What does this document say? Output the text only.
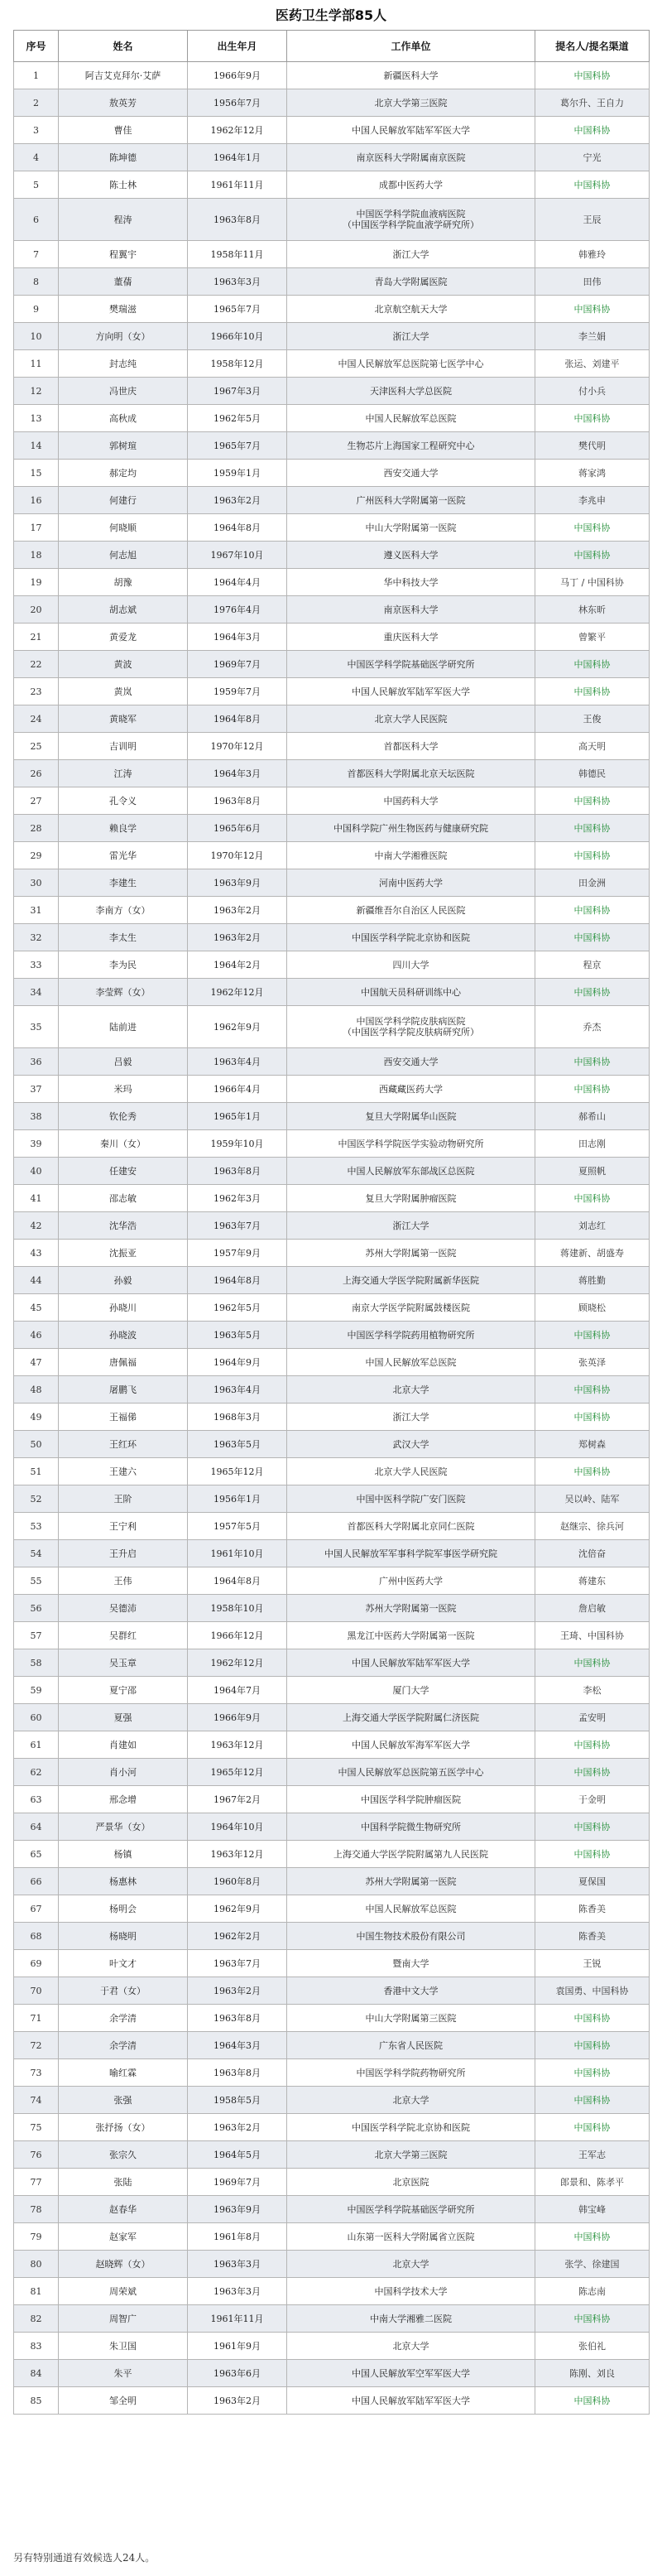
医药卫生学部85人
序号	姓名	出生年月	工作单位	提名人/提名渠道
1	阿吉艾克拜尔·艾萨	1966年9月	新疆医科大学	中国科协
2	敖英芳	1956年7月	北京大学第三医院	葛尔升、王自力
3	曹佳	1962年12月	中国人民解放军陆军军医大学	中国科协
4	陈坤德	1964年1月	南京医科大学附属南京医院	宁光
5	陈士林	1961年11月	成都中医药大学	中国科协
6	程涛	1963年8月	中国医学科学院血液病医院
（中国医学科学院血液学研究所）	王辰
7	程翼宇	1958年11月	浙江大学	韩雅玲
8	董蒨	1963年3月	青岛大学附属医院	田伟
9	樊瑞滋	1965年7月	北京航空航天大学	中国科协
10	方向明（女）	1966年10月	浙江大学	李兰娟
11	封志纯	1958年12月	中国人民解放军总医院第七医学中心	张运、刘建平
12	冯世庆	1967年3月	天津医科大学总医院	付小兵
13	高秋成	1962年5月	中国人民解放军总医院	中国科协
14	郭树瑄	1965年7月	生物芯片上海国家工程研究中心	樊代明
15	郝定均	1959年1月	西安交通大学	蒋家鸿
16	何建行	1963年2月	广州医科大学附属第一医院	李兆申
17	何晓顺	1964年8月	中山大学附属第一医院	中国科协
18	何志旭	1967年10月	遵义医科大学	中国科协
19	胡豫	1964年4月	华中科技大学	马丁 / 中国科协
20	胡志斌	1976年4月	南京医科大学	林东昕
21	黄爱龙	1964年3月	重庆医科大学	曾繁平
22	黄波	1969年7月	中国医学科学院基础医学研究所	中国科协
23	黄岚	1959年7月	中国人民解放军陆军军医大学	中国科协
24	黄晓军	1964年8月	北京大学人民医院	王俊
25	吉训明	1970年12月	首都医科大学	高天明
26	江涛	1964年3月	首都医科大学附属北京天坛医院	韩德民
27	孔令义	1963年8月	中国药科大学	中国科协
28	赖良学	1965年6月	中国科学院广州生物医药与健康研究院	中国科协
29	雷光华	1970年12月	中南大学湘雅医院	中国科协
30	李建生	1963年9月	河南中医药大学	田金洲
31	李南方（女）	1963年2月	新疆维吾尔自治区人民医院	中国科协
32	李太生	1963年2月	中国医学科学院北京协和医院	中国科协
33	李为民	1964年2月	四川大学	程京
34	李莹辉（女）	1962年12月	中国航天员科研训练中心	中国科协
35	陆前进	1962年9月	中国医学科学院皮肤病医院
（中国医学科学院皮肤病研究所）	乔杰
36	吕毅	1963年4月	西安交通大学	中国科协
37	米玛	1966年4月	西藏藏医药大学	中国科协
38	钦伦秀	1965年1月	复旦大学附属华山医院	郝希山
39	秦川（女）	1959年10月	中国医学科学院医学实验动物研究所	田志刚
40	任建安	1963年8月	中国人民解放军东部战区总医院	夏照帆
41	邵志敏	1962年3月	复旦大学附属肿瘤医院	中国科协
42	沈华浩	1963年7月	浙江大学	刘志红
43	沈振亚	1957年9月	苏州大学附属第一医院	蒋建新、胡盛寿
44	孙毅	1964年8月	上海交通大学医学院附属新华医院	蒋胜勤
45	孙晓川	1962年5月	南京大学医学院附属鼓楼医院	顾晓松
46	孙晓波	1963年5月	中国医学科学院药用植物研究所	中国科协
47	唐佩福	1964年9月	中国人民解放军总医院	张英泽
48	屠鹏飞	1963年4月	北京大学	中国科协
49	王福俤	1968年3月	浙江大学	中国科协
50	王红环	1963年5月	武汉大学	郑树森
51	王建六	1965年12月	北京大学人民医院	中国科协
52	王阶	1956年1月	中国中医科学院广安门医院	吴以岭、陆军
53	王宁利	1957年5月	首都医科大学附属北京同仁医院	赵继宗、徐兵河
54	王升启	1961年10月	中国人民解放军军事科学院军事医学研究院	沈倍奋
55	王伟	1964年8月	广州中医药大学	蒋建东
56	吴德沛	1958年10月	苏州大学附属第一医院	詹启敏
57	吴群红	1966年12月	黑龙江中医药大学附属第一医院	王琦、中国科协
58	吴玉章	1962年12月	中国人民解放军陆军军医大学	中国科协
59	夏宁邵	1964年7月	厦门大学	李松
60	夏强	1966年9月	上海交通大学医学院附属仁济医院	孟安明
61	肖建如	1963年12月	中国人民解放军海军军医大学	中国科协
62	肖小河	1965年12月	中国人民解放军总医院第五医学中心	中国科协
63	邢念增	1967年2月	中国医学科学院肿瘤医院	于金明
64	严景华（女）	1964年10月	中国科学院微生物研究所	中国科协
65	杨镇	1963年12月	上海交通大学医学院附属第九人民医院	中国科协
66	杨惠林	1960年8月	苏州大学附属第一医院	夏保国
67	杨明会	1962年9月	中国人民解放军总医院	陈香美
68	杨晓明	1962年2月	中国生物技术股份有限公司	陈香美
69	叶文才	1963年7月	暨南大学	王锐
70	于君（女）	1963年2月	香港中文大学	袁国勇、中国科协
71	余学清	1963年8月	中山大学附属第三医院	中国科协
72	余学清	1964年3月	广东省人民医院	中国科协
73	喻红霖	1963年8月	中国医学科学院药物研究所	中国科协
74	张强	1958年5月	北京大学	中国科协
75	张抒扬（女）	1963年2月	中国医学科学院北京协和医院	中国科协
76	张宗久	1964年5月	北京大学第三医院	王军志
77	张陆	1969年7月	北京医院	郎景和、陈孝平
78	赵春华	1963年9月	中国医学科学院基础医学研究所	韩宝峰
79	赵家军	1961年8月	山东第一医科大学附属省立医院	中国科协
80	赵晓辉（女）	1963年3月	北京大学	张学、徐建国
81	周荣斌	1963年3月	中国科学技术大学	陈志南
82	周智广	1961年11月	中南大学湘雅二医院	中国科协
83	朱卫国	1961年9月	北京大学	张伯礼
84	朱平	1963年6月	中国人民解放军空军军医大学	陈刚、刘良
85	邹全明	1963年2月	中国人民解放军陆军军医大学	中国科协
另有特别通道有效候选人24人。
